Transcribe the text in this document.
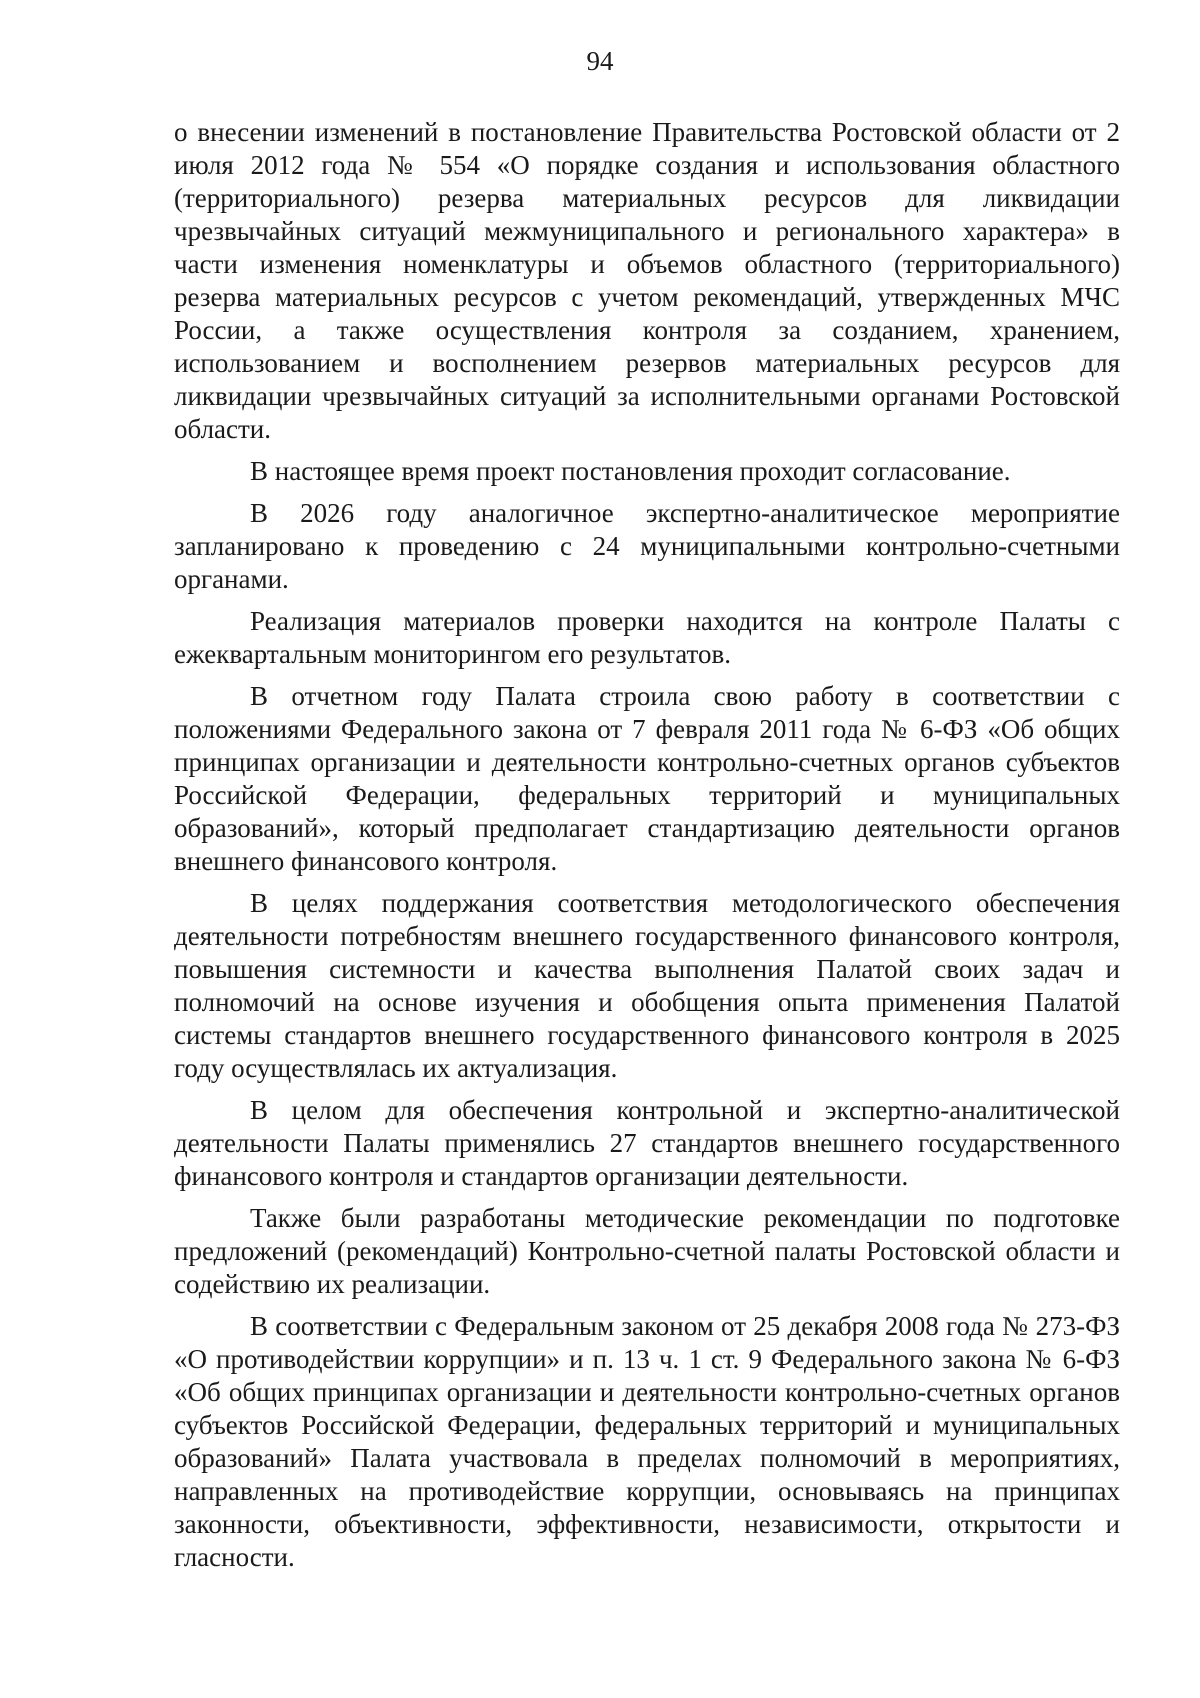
94

о внесении изменений в постановление Правительства Ростовской области от 2 июля 2012 года № 554 «О порядке создания и использования областного (территориального) резерва материальных ресурсов для ликвидации чрезвычайных ситуаций межмуниципального и регионального характера» в части изменения номенклатуры и объемов областного (территориального) резерва материальных ресурсов с учетом рекомендаций, утвержденных МЧС России, а также осуществления контроля за созданием, хранением, использованием и восполнением резервов материальных ресурсов для ликвидации чрезвычайных ситуаций за исполнительными органами Ростовской области.

В настоящее время проект постановления проходит согласование.

В 2026 году аналогичное экспертно-аналитическое мероприятие запланировано к проведению с 24 муниципальными контрольно-счетными органами.

Реализация материалов проверки находится на контроле Палаты с ежеквартальным мониторингом его результатов.

В отчетном году Палата строила свою работу в соответствии с положениями Федерального закона от 7 февраля 2011 года № 6-ФЗ «Об общих принципах организации и деятельности контрольно-счетных органов субъектов Российской Федерации, федеральных территорий и муниципальных образований», который предполагает стандартизацию деятельности органов внешнего финансового контроля.

В целях поддержания соответствия методологического обеспечения деятельности потребностям внешнего государственного финансового контроля, повышения системности и качества выполнения Палатой своих задач и полномочий на основе изучения и обобщения опыта применения Палатой системы стандартов внешнего государственного финансового контроля в 2025 году осуществлялась их актуализация.

В целом для обеспечения контрольной и экспертно-аналитической деятельности Палаты применялись 27 стандартов внешнего государственного финансового контроля и стандартов организации деятельности.

Также были разработаны методические рекомендации по подготовке предложений (рекомендаций) Контрольно-счетной палаты Ростовской области и содействию их реализации.

В соответствии с Федеральным законом от 25 декабря 2008 года № 273-ФЗ «О противодействии коррупции» и п. 13 ч. 1 ст. 9 Федерального закона № 6-ФЗ «Об общих принципах организации и деятельности контрольно-счетных органов субъектов Российской Федерации, федеральных территорий и муниципальных образований» Палата участвовала в пределах полномочий в мероприятиях, направленных на противодействие коррупции, основываясь на принципах законности, объективности, эффективности, независимости, открытости и гласности.
